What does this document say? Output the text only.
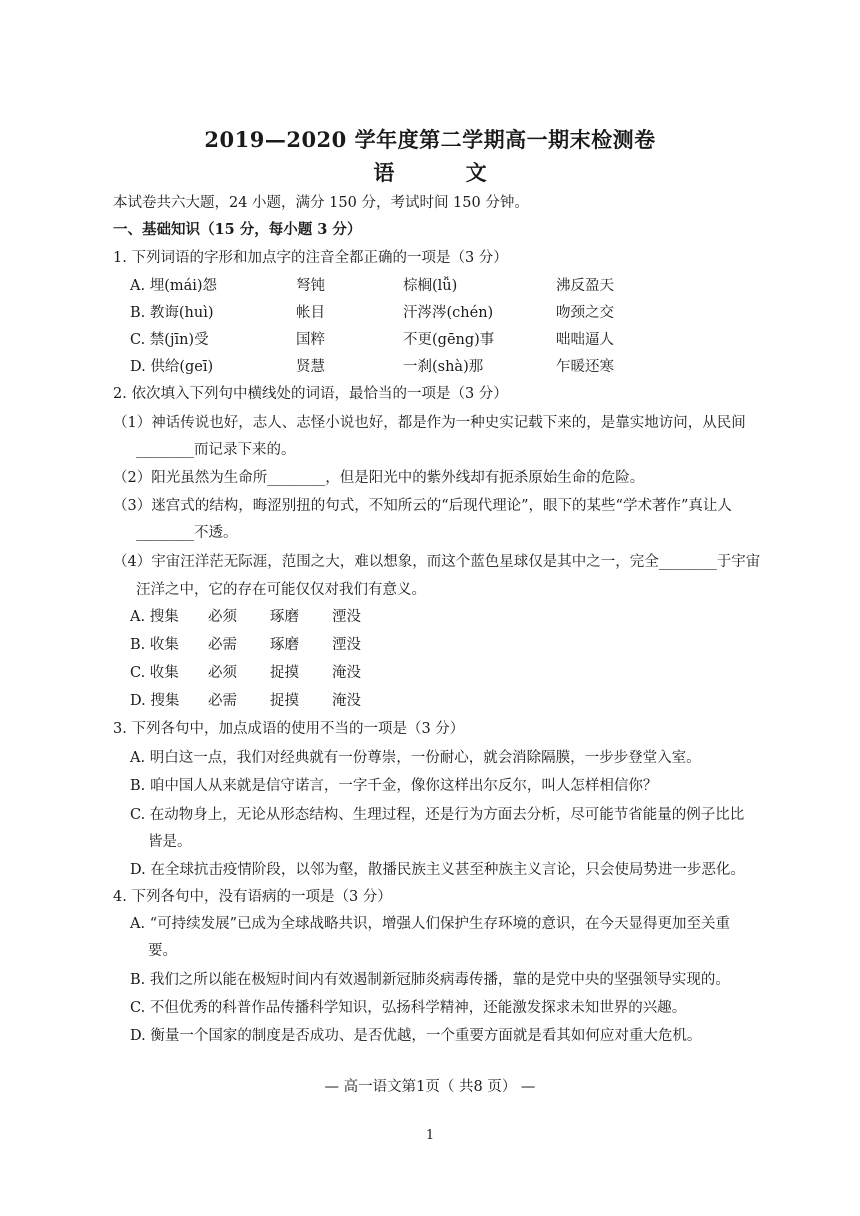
2019—2020 学年度第二学期高一期末检测卷
语 文
本试卷共六大题，24 小题，满分 150 分，考试时间 150 分钟。
一、基础知识（15 分，每小题 3 分）
1. 下列词语的字形和加点字的注音全都正确的一项是（3 分）
A. 埋(mái)怨	弩钝	棕榈(lǚ)	沸反盈天
B. 教诲(huì)	帐目	汗涔涔(chén)	吻颈之交
C. 禁(jīn)受	国粹	不更(gēng)事	咄咄逼人
D. 供给(geī)	贤慧	一刹(shà)那	乍暖还寒
2. 依次填入下列句中横线处的词语，最恰当的一项是（3 分）
（1）神话传说也好，志人、志怪小说也好，都是作为一种史实记载下来的，是靠实地访问，从民间
________而记录下来的。
（2）阳光虽然为生命所________，但是阳光中的紫外线却有扼杀原始生命的危险。
（3）迷宫式的结构，晦涩别扭的句式，不知所云的“后现代理论”，眼下的某些“学术著作”真让人
________不透。
（4）宇宙汪洋茫无际涯，范围之大，难以想象，而这个蓝色星球仅是其中之一，完全________于宇宙
汪洋之中，它的存在可能仅仅对我们有意义。
A. 搜集 必须 琢磨 湮没
B. 收集 必需 琢磨 湮没
C. 收集 必须 捉摸 淹没
D. 搜集 必需 捉摸 淹没
3. 下列各句中，加点成语的使用不当的一项是（3 分）
A. 明白这一点，我们对经典就有一份尊崇，一份耐心，就会消除隔膜，一步步登堂入室。
B. 咱中国人从来就是信守诺言，一字千金，像你这样出尔反尔，叫人怎样相信你？
C. 在动物身上，无论从形态结构、生理过程，还是行为方面去分析，尽可能节省能量的例子比比
皆是。
D. 在全球抗击疫情阶段，以邻为壑，散播民族主义甚至种族主义言论，只会使局势进一步恶化。
4. 下列各句中，没有语病的一项是（3 分）
A. “可持续发展”已成为全球战略共识，增强人们保护生存环境的意识，在今天显得更加至关重
要。
B. 我们之所以能在极短时间内有效遏制新冠肺炎病毒传播，靠的是党中央的坚强领导实现的。
C. 不但优秀的科普作品传播科学知识，弘扬科学精神，还能激发探求未知世界的兴趣。
D. 衡量一个国家的制度是否成功、是否优越，一个重要方面就是看其如何应对重大危机。
— 高一语文第1页（ 共8 页） —
1
